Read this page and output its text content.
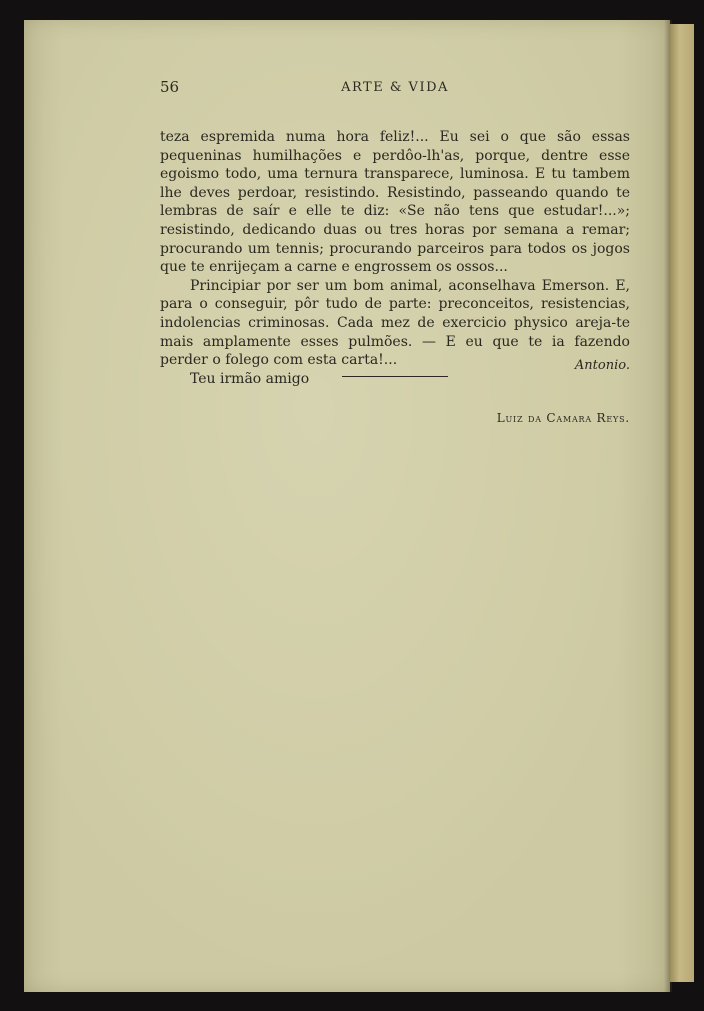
56	ARTE & VIDA

teza espremida numa hora feliz!... Eu sei o que são essas pequeninas humilhações e perdôo-lh'as, porque, dentre esse egoismo todo, uma ternura transparece, luminosa. E tu tambem lhe deves perdoar, resistindo. Resistindo, passeando quando te lembras de saír e elle te diz: «Se não tens que estudar!...»; resistindo, dedicando duas ou tres horas por semana a remar; procurando um tennis; procurando parceiros para todos os jogos que te enrijeçam a carne e engrossem os ossos...

Principiar por ser um bom animal, aconselhava Emerson. E, para o conseguir, pôr tudo de parte: preconceitos, resistencias, indolencias criminosas. Cada mez de exercicio physico areja-te mais amplamente esses pulmões. — E eu que te ia fazendo perder o folego com esta carta!...

Teu irmão amigo

Antonio.
Luiz da Camara Reys.
